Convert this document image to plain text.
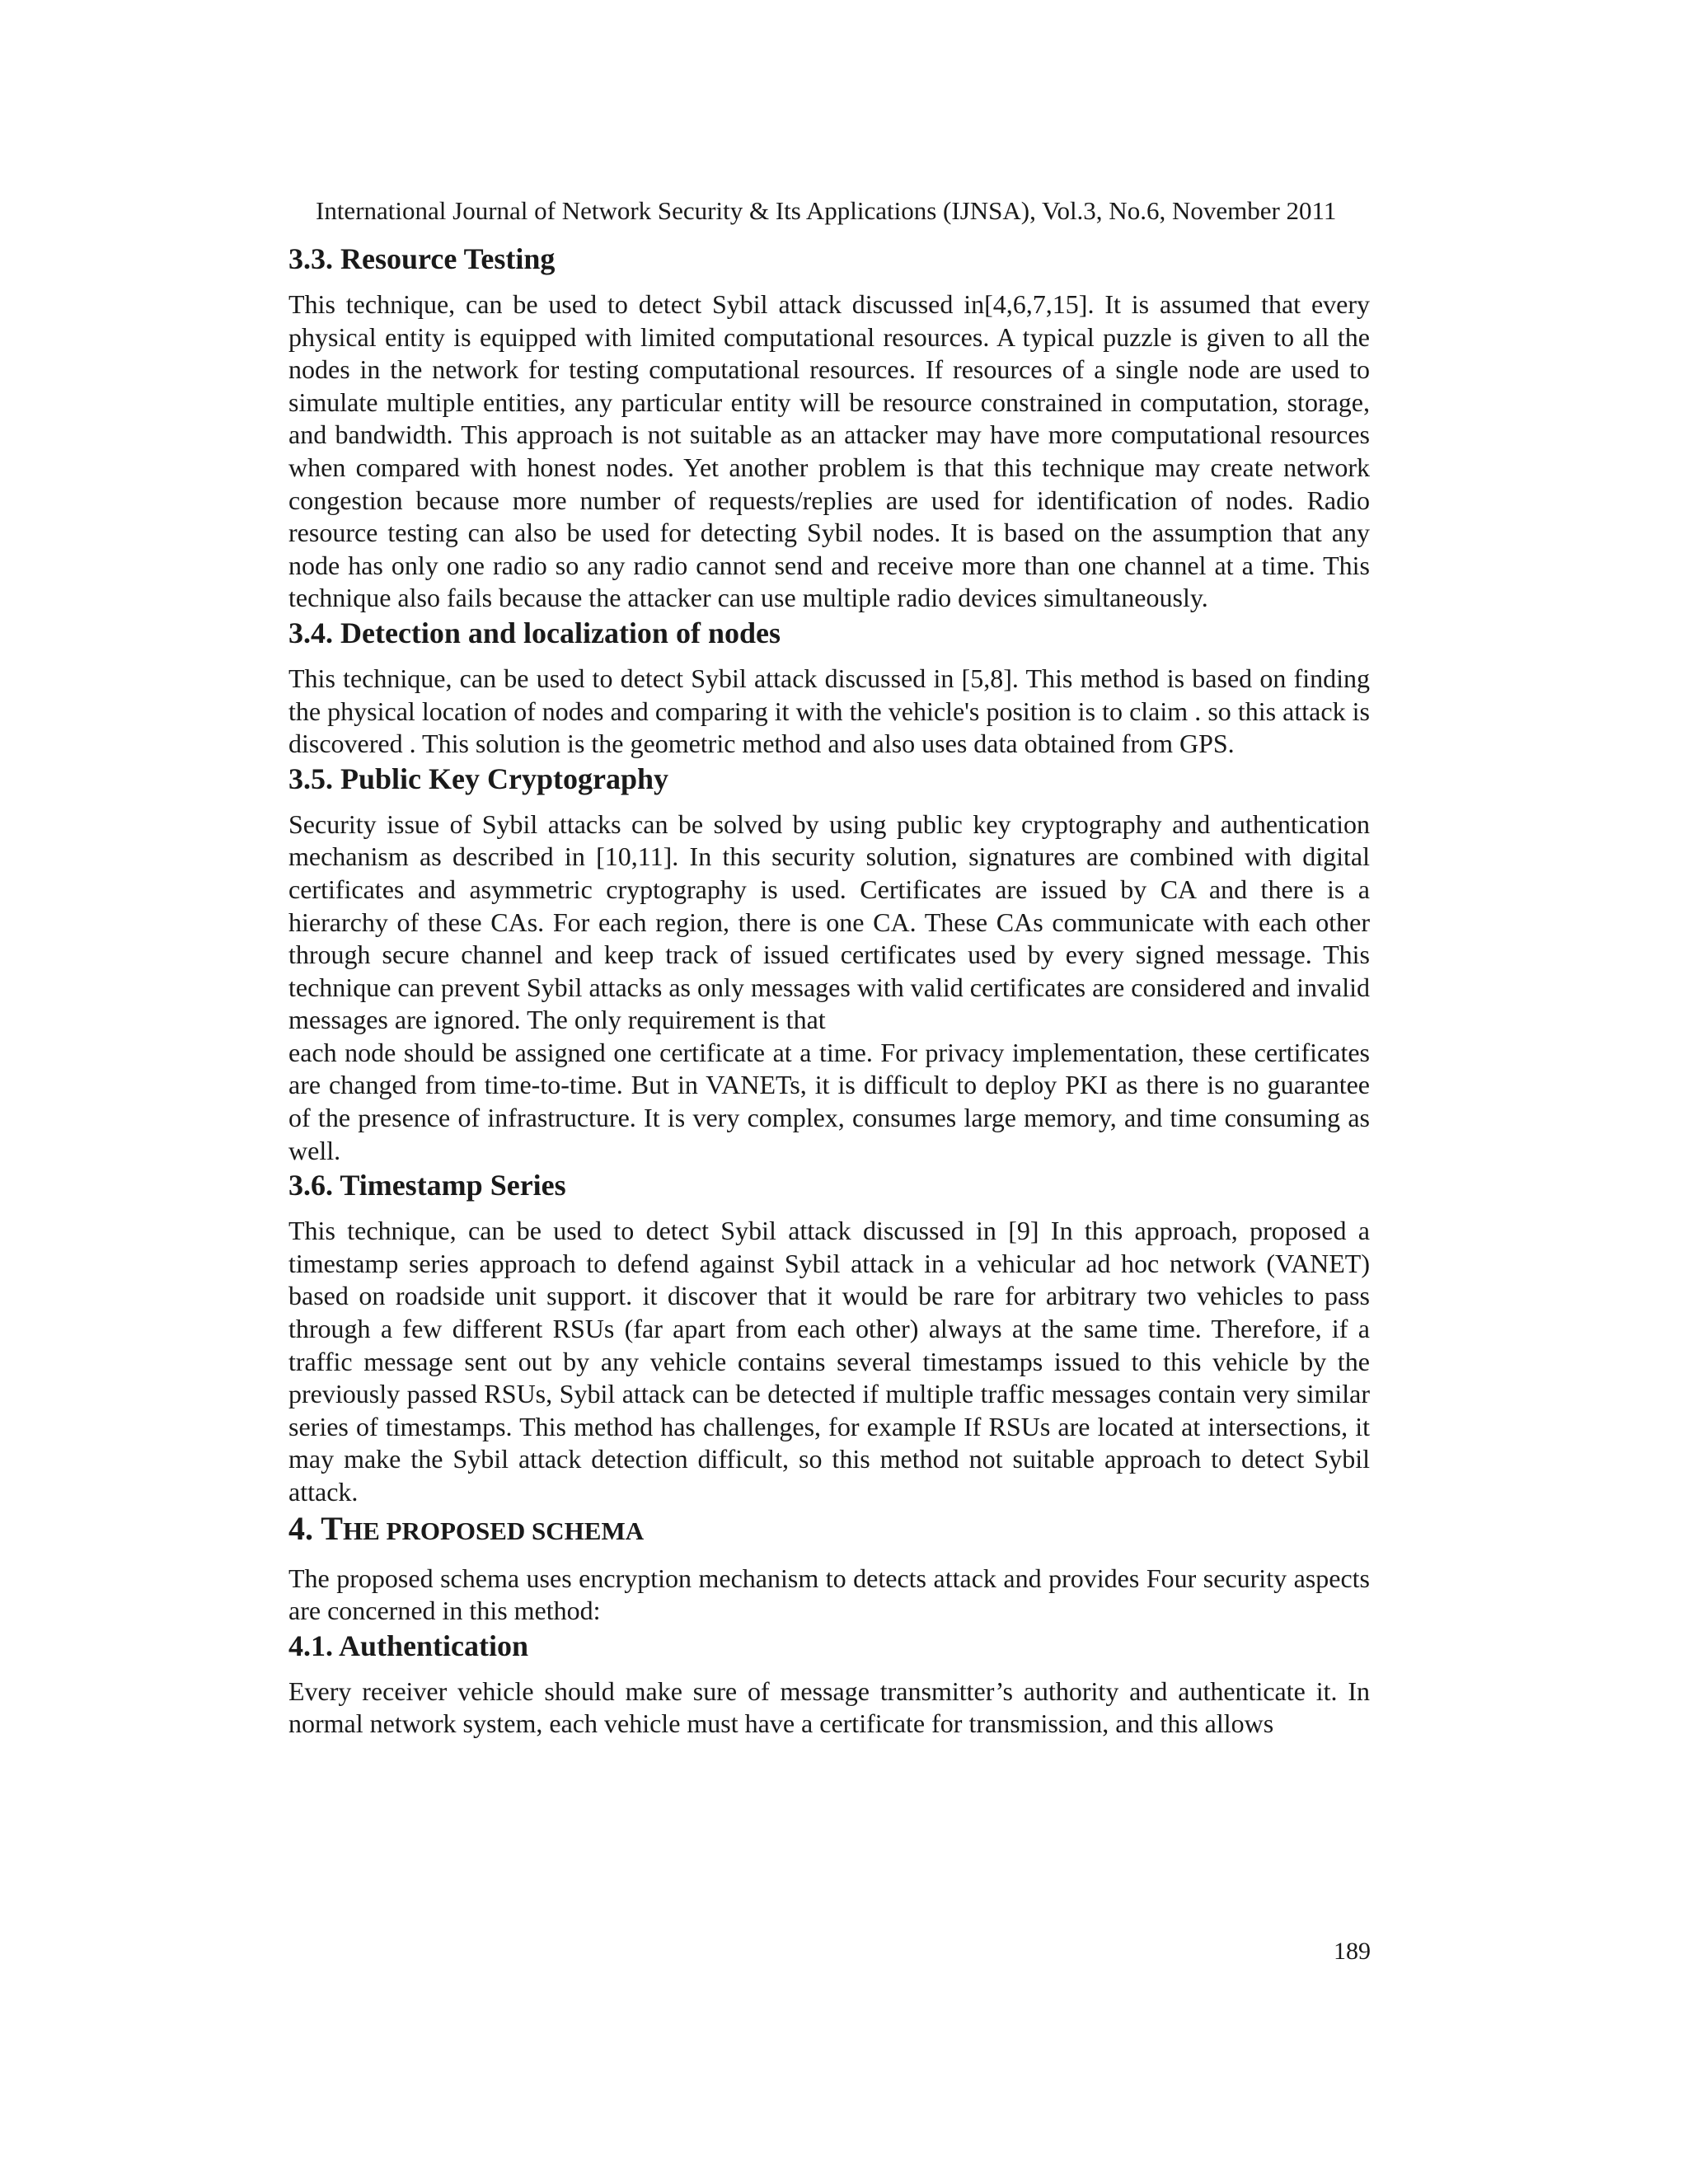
International Journal of Network Security & Its Applications (IJNSA), Vol.3, No.6, November 2011
3.3. Resource Testing

This technique, can be used to detect Sybil attack discussed in[4,6,7,15]. It is assumed that every physical entity is equipped with limited computational resources. A typical puzzle is given to all the nodes in the network for testing computational resources. If resources of a single node are used to simulate multiple entities, any particular entity will be resource constrained in computation, storage, and bandwidth. This approach is not suitable as an attacker may have more computational resources when compared with honest nodes. Yet another problem is that this technique may create network congestion because more number of requests/replies are used for identification of nodes. Radio resource testing can also be used for detecting Sybil nodes. It is based on the assumption that any node has only one radio so any radio cannot send and receive more than one channel at a time. This technique also fails because the attacker can use multiple radio devices simultaneously.

3.4. Detection and localization of nodes

This technique, can be used to detect Sybil attack discussed in [5,8]. This method is based on finding the physical location of nodes and comparing it with the vehicle's position is to claim . so this attack is discovered . This solution is the geometric method and also uses data obtained from GPS.

3.5. Public Key Cryptography

Security issue of Sybil attacks can be solved by using public key cryptography and authentication mechanism as described in [10,11]. In this security solution, signatures are combined with digital certificates and asymmetric cryptography is used. Certificates are issued by CA and there is a hierarchy of these CAs. For each region, there is one CA. These CAs communicate with each other through secure channel and keep track of issued certificates used by every signed message. This technique can prevent Sybil attacks as only messages with valid certificates are considered and invalid messages are ignored. The only requirement is that

each node should be assigned one certificate at a time. For privacy implementation, these certificates are changed from time-to-time. But in VANETs, it is difficult to deploy PKI as there is no guarantee of the presence of infrastructure. It is very complex, consumes large memory, and time consuming as well.

3.6. Timestamp Series

This technique, can be used to detect Sybil attack discussed in [9] In this approach, proposed a timestamp series approach to defend against Sybil attack in a vehicular ad hoc network (VANET) based on roadside unit support. it discover that it would be rare for arbitrary two vehicles to pass through a few different RSUs (far apart from each other) always at the same time. Therefore, if a traffic message sent out by any vehicle contains several timestamps issued to this vehicle by the previously passed RSUs, Sybil attack can be detected if multiple traffic messages contain very similar series of timestamps. This method has challenges, for example If RSUs are located at intersections, it may make the Sybil attack detection difficult, so this method not suitable approach to detect Sybil attack.

4. THE PROPOSED SCHEMA

The proposed schema uses encryption mechanism to detects attack and provides Four security aspects are concerned in this method:

4.1. Authentication

Every receiver vehicle should make sure of message transmitter’s authority and authenticate it. In normal network system, each vehicle must have a certificate for transmission, and this allows

189
